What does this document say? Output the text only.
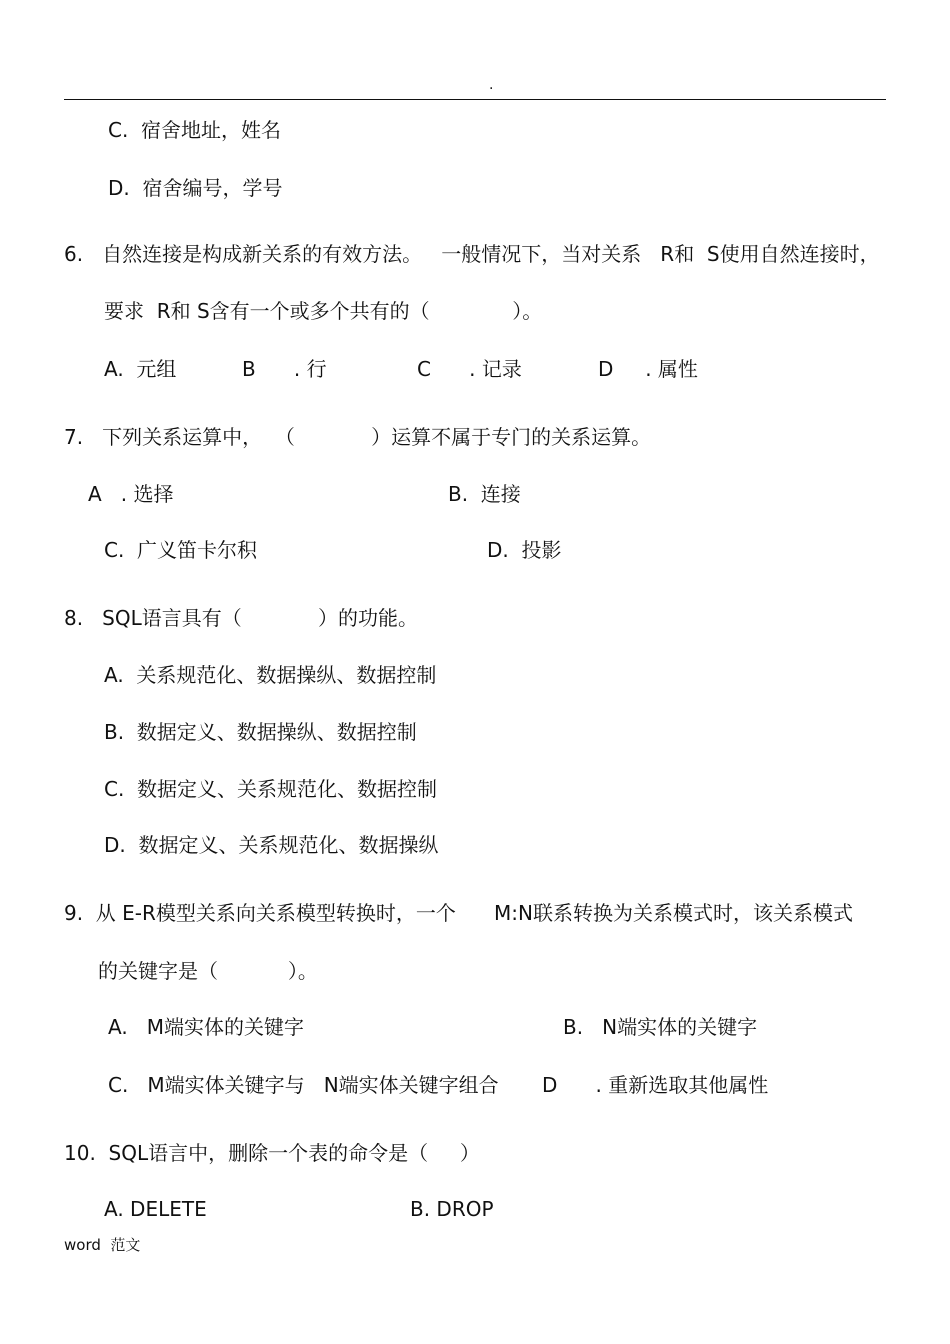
.
C.  宿舍地址，姓名
D.  宿舍编号，学号
6.   自然连接是构成新关系的有效方法。   一般情况下，当对关系   R和  S使用自然连接时，
要求  R和 S含有一个或多个共有的（             ）。
A.  元组	B      . 行	C      . 记录	D     . 属性
7.   下列关系运算中，  （            ）运算不属于专门的关系运算。
A   . 选择	B.  连接
C.  广义笛卡尔积	D.  投影
8.   SQL语言具有（            ）的功能。
A.  关系规范化、数据操纵、数据控制
B.  数据定义、数据操纵、数据控制
C.  数据定义、关系规范化、数据控制
D.  数据定义、关系规范化、数据操纵
9.  从 E-R模型关系向关系模型转换时，一个      M:N联系转换为关系模式时，该关系模式
的关键字是（           ）。
A.   M端实体的关键字	B.   N端实体的关键字
C.   M端实体关键字与   N端实体关键字组合 D      . 重新选取其他属性
10.  SQL语言中，删除一个表的命令是（     ）
A. DELETE	B. DROP
word  范文
